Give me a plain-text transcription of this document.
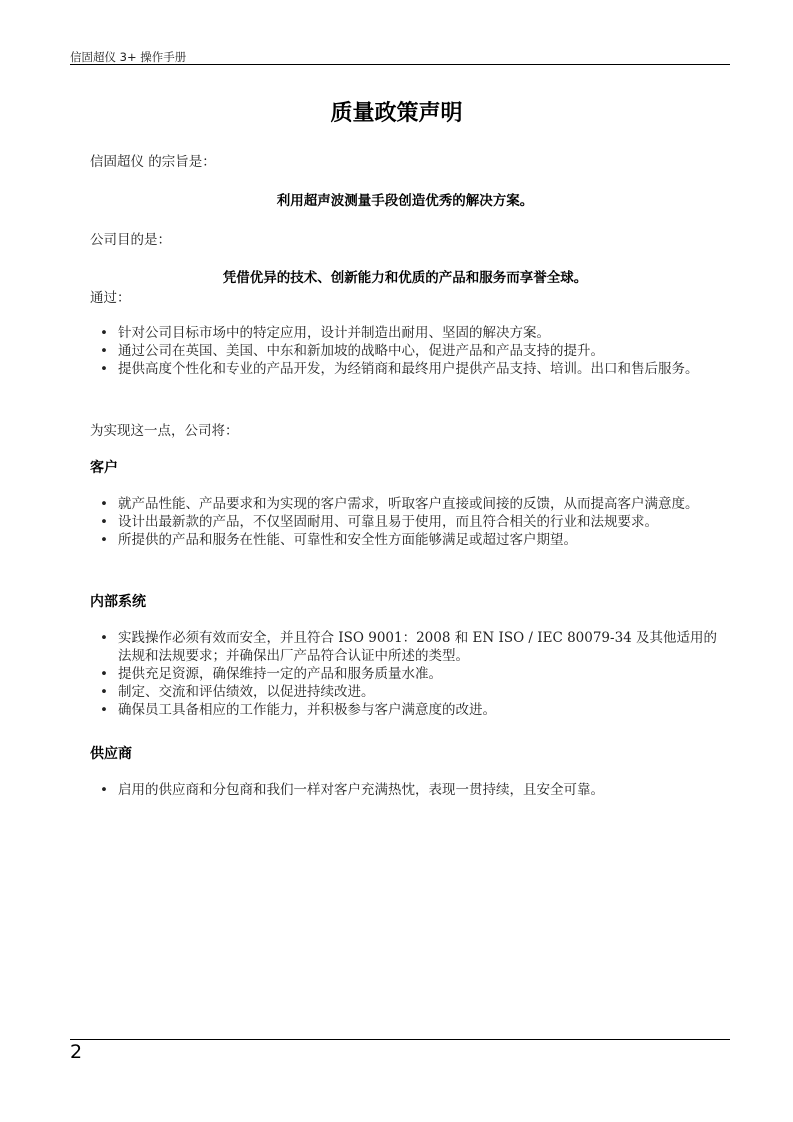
信固超仪 3+ 操作手册
质量政策声明
信固超仪 的宗旨是：
利用超声波测量手段创造优秀的解决方案。
公司目的是：
凭借优异的技术、创新能力和优质的产品和服务而享誉全球。
通过：
• 针对公司目标市场中的特定应用，设计并制造出耐用、坚固的解决方案。
• 通过公司在英国、美国、中东和新加坡的战略中心，促进产品和产品支持的提升。
• 提供高度个性化和专业的产品开发，为经销商和最终用户提供产品支持、培训。出口和售后服务。
为实现这一点，公司将：
客户
• 就产品性能、产品要求和为实现的客户需求，听取客户直接或间接的反馈，从而提高客户满意度。
• 设计出最新款的产品，不仅坚固耐用、可靠且易于使用，而且符合相关的行业和法规要求。
• 所提供的产品和服务在性能、可靠性和安全性方面能够满足或超过客户期望。
内部系统
• 实践操作必须有效而安全，并且符合 ISO 9001：2008 和 EN ISO / IEC 80079-34 及其他适用的法规和法规要求；并确保出厂产品符合认证中所述的类型。
• 提供充足资源，确保维持一定的产品和服务质量水准。
• 制定、交流和评估绩效，以促进持续改进。
• 确保员工具备相应的工作能力，并积极参与客户满意度的改进。
供应商
• 启用的供应商和分包商和我们一样对客户充满热忱，表现一贯持续，且安全可靠。
2
